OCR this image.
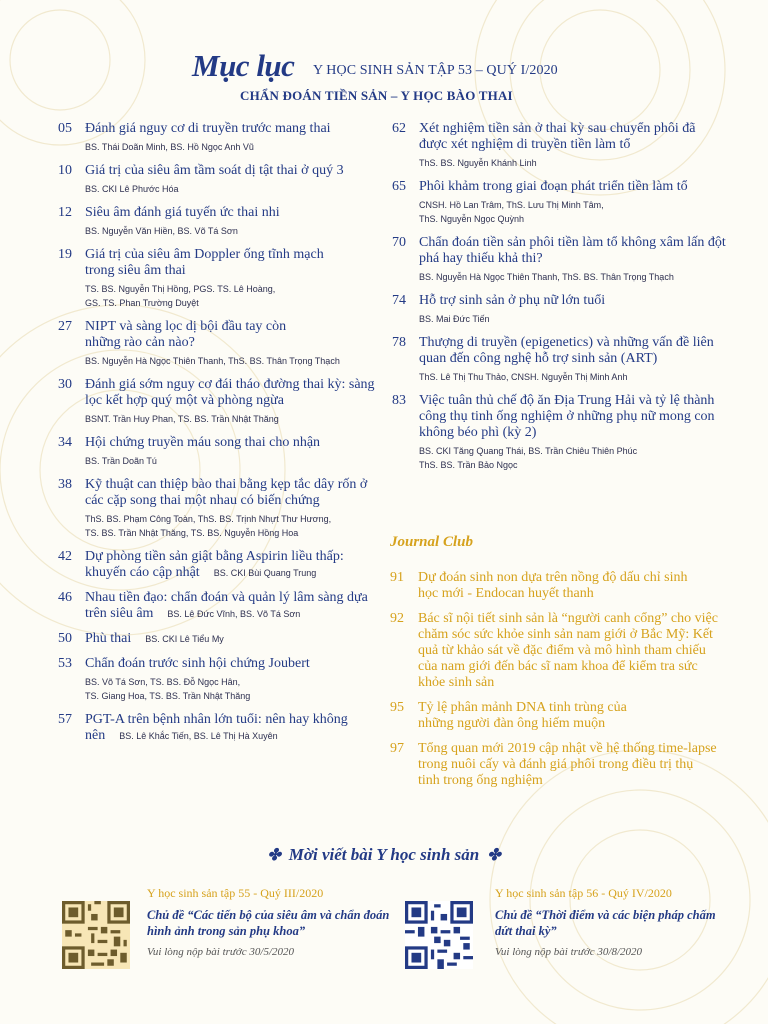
Mục lục Y HỌC SINH SẢN TẬP 53 – QUÝ I/2020
CHẨN ĐOÁN TIỀN SẢN – Y HỌC BÀO THAI
05 Đánh giá nguy cơ di truyền trước mang thai
BS. Thái Doãn Minh, BS. Hồ Ngọc Anh Vũ
10 Giá trị của siêu âm tầm soát dị tật thai ở quý 3
BS. CKI Lê Phước Hóa
12 Siêu âm đánh giá tuyến ức thai nhi
BS. Nguyễn Văn Hiền, BS. Võ Tá Sơn
19 Giá trị của siêu âm Doppler ống tĩnh mạch trong siêu âm thai
TS. BS. Nguyễn Thị Hồng, PGS. TS. Lê Hoàng,
GS. TS. Phan Trường Duyệt
27 NIPT và sàng lọc dị bội đầu tay còn những rào cản nào?
BS. Nguyễn Hà Ngọc Thiên Thanh, ThS. BS. Thân Trọng Thạch
30 Đánh giá sớm nguy cơ đái tháo đường thai kỳ: sàng lọc kết hợp quý một và phòng ngừa
BSNT. Trần Huy Phan, TS. BS. Trần Nhật Thăng
34 Hội chứng truyền máu song thai cho nhận
BS. Trần Doãn Tú
38 Kỹ thuật can thiệp bào thai bằng kẹp tắc dây rốn ở các cặp song thai một nhau có biến chứng
ThS. BS. Phạm Công Toàn, ThS. BS. Trịnh Nhựt Thư Hương,
TS. BS. Trần Nhật Thăng, TS. BS. Nguyễn Hồng Hoa
42 Dự phòng tiền sản giật bằng Aspirin liều thấp: khuyến cáo cập nhật BS. CKI Bùi Quang Trung
46 Nhau tiền đạo: chẩn đoán và quản lý lâm sàng dựa trên siêu âm BS. Lê Đức Vĩnh, BS. Võ Tá Sơn
50 Phù thai BS. CKI Lê Tiểu My
53 Chẩn đoán trước sinh hội chứng Joubert
BS. Võ Tá Sơn, TS. BS. Đỗ Ngọc Hân,
TS. Giang Hoa, TS. BS. Trần Nhật Thăng
57 PGT-A trên bệnh nhân lớn tuổi: nên hay không nên BS. Lê Khắc Tiến, BS. Lê Thị Hà Xuyên
62 Xét nghiệm tiền sản ở thai kỳ sau chuyển phôi đã được xét nghiệm di truyền tiền làm tổ
ThS. BS. Nguyễn Khánh Linh
65 Phôi khảm trong giai đoạn phát triển tiền làm tổ
CNSH. Hồ Lan Trâm, ThS. Lưu Thị Minh Tâm,
ThS. Nguyễn Ngọc Quỳnh
70 Chẩn đoán tiền sản phôi tiền làm tổ không xâm lấn đột phá hay thiếu khả thi?
BS. Nguyễn Hà Ngọc Thiên Thanh, ThS. BS. Thân Trọng Thạch
74 Hỗ trợ sinh sản ở phụ nữ lớn tuổi
BS. Mai Đức Tiến
78 Thượng di truyền (epigenetics) và những vấn đề liên quan đến công nghệ hỗ trợ sinh sản (ART)
ThS. Lê Thị Thu Thảo, CNSH. Nguyễn Thị Minh Anh
83 Việc tuân thủ chế độ ăn Địa Trung Hải và tỷ lệ thành công thụ tinh ống nghiệm ở những phụ nữ mong con không béo phì (kỳ 2)
BS. CKI Tăng Quang Thái, BS. Trần Chiêu Thiên Phúc
ThS. BS. Trần Bảo Ngọc
Journal Club
91 Dự đoán sinh non dựa trên nồng độ dấu chỉ sinh học mới - Endocan huyết thanh
92 Bác sĩ nội tiết sinh sản là “người canh cổng” cho việc chăm sóc sức khỏe sinh sản nam giới ở Bắc Mỹ: Kết quả từ khảo sát về đặc điểm và mô hình tham chiếu của nam giới đến bác sĩ nam khoa để kiểm tra sức khỏe sinh sản
95 Tỷ lệ phân mảnh DNA tinh trùng của những người đàn ông hiếm muộn
97 Tổng quan mới 2019 cập nhật về hệ thống time-lapse trong nuôi cấy và đánh giá phôi trong điều trị thụ tinh trong ống nghiệm
✤ Mời viết bài Y học sinh sản ✤
Y học sinh sản tập 55 - Quý III/2020
Chủ đề “Các tiến bộ của siêu âm và chẩn đoán hình ảnh trong sản phụ khoa”
Vui lòng nộp bài trước 30/5/2020
Y học sinh sản tập 56 - Quý IV/2020
Chủ đề “Thời điểm và các biện pháp chấm dứt thai kỳ”
Vui lòng nộp bài trước 30/8/2020
